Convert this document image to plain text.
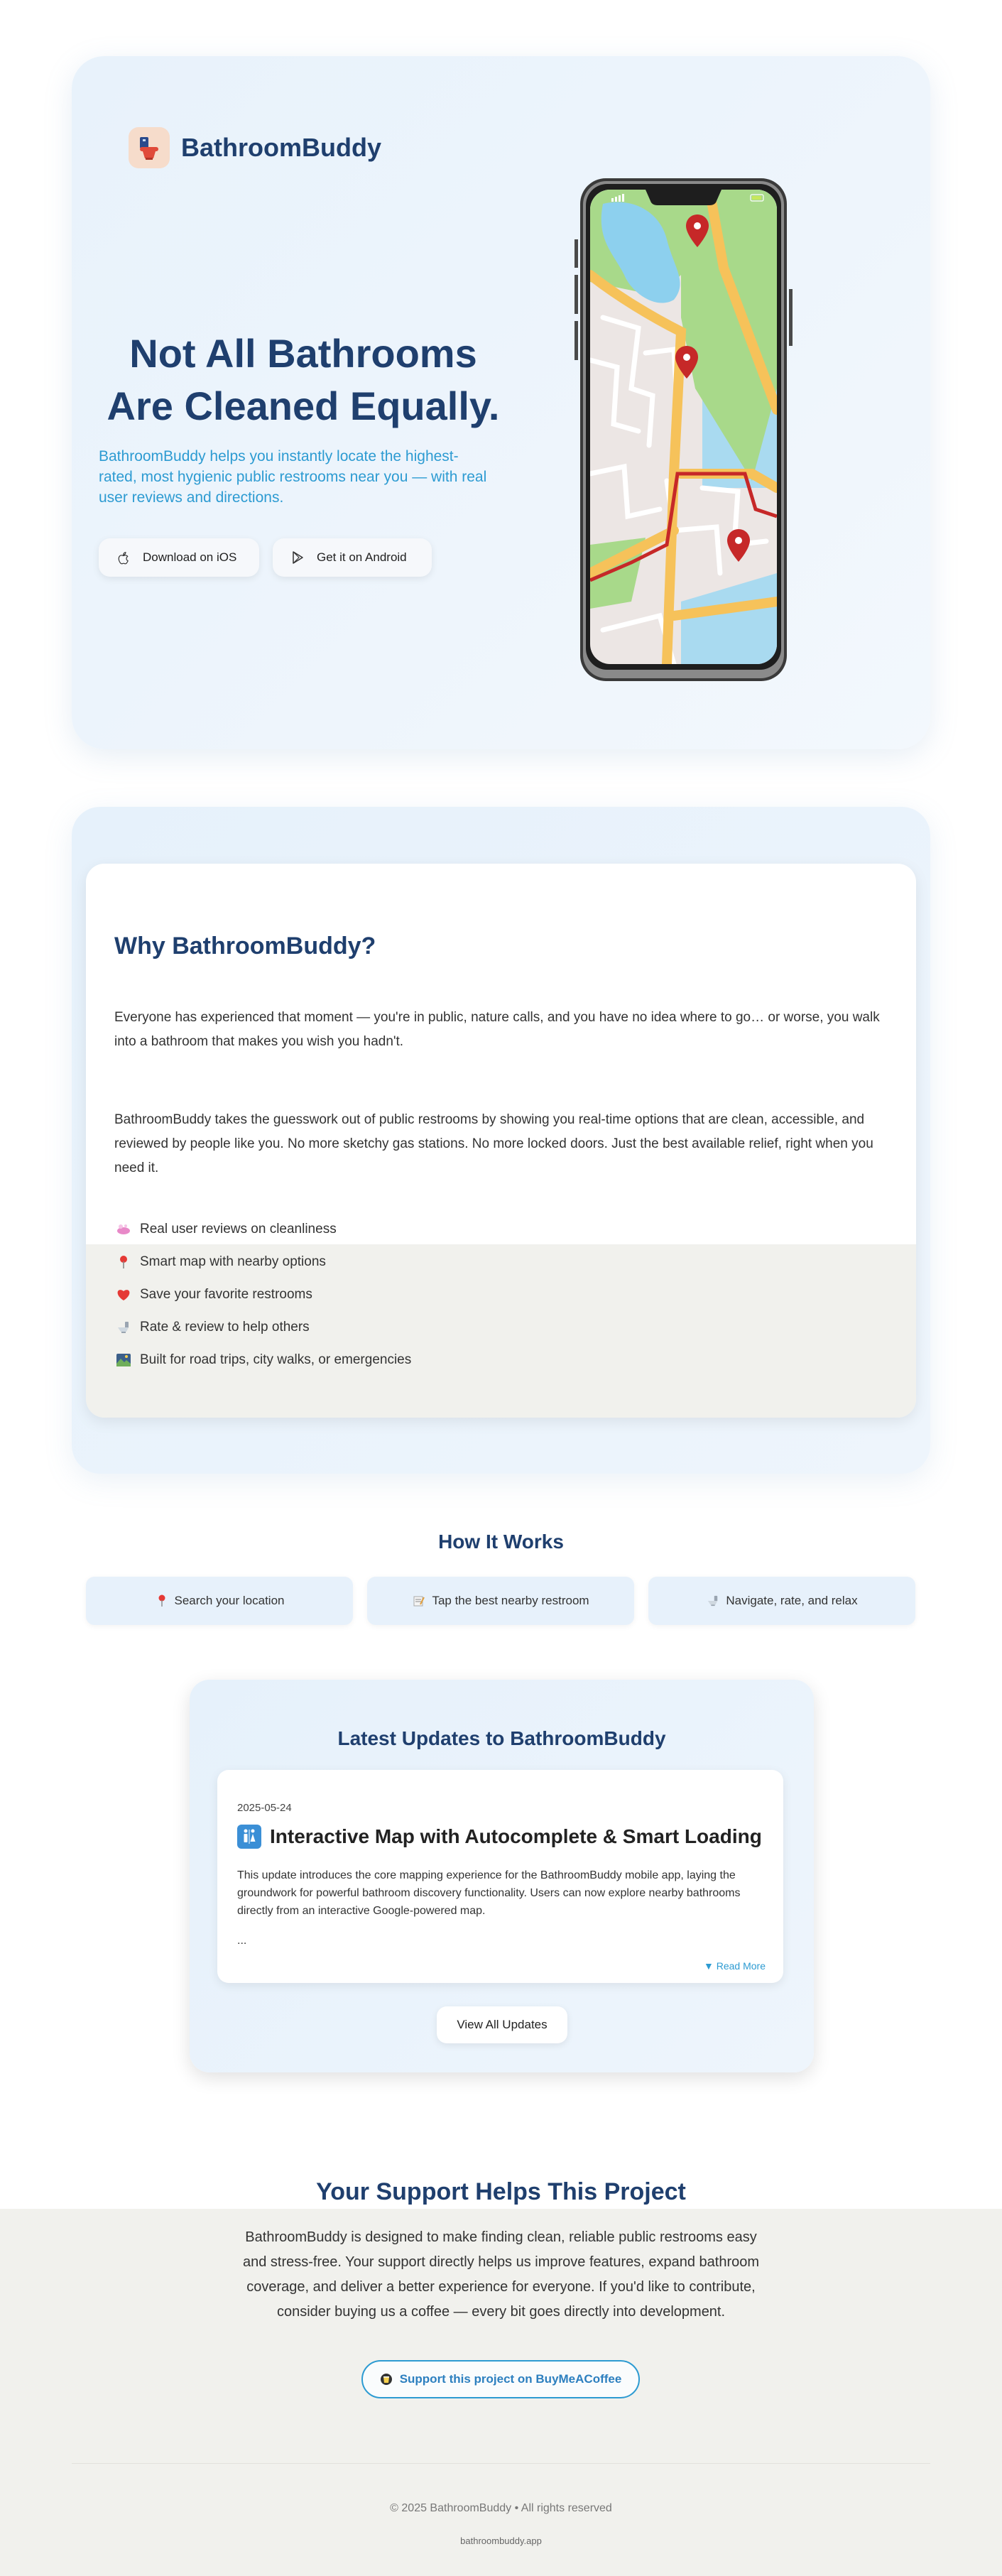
BathroomBuddy
Not All Bathrooms Are Cleaned Equally.

BathroomBuddy helps you instantly locate the highest-rated, most hygienic public restrooms near you — with real user reviews and directions.

Download on iOS	Get it on Android
Why BathroomBuddy?

Everyone has experienced that moment — you're in public, nature calls, and you have no idea where to go… or worse, you walk into a bathroom that makes you wish you hadn't.

BathroomBuddy takes the guesswork out of public restrooms by showing you real-time options that are clean, accessible, and reviewed by people like you. No more sketchy gas stations. No more locked doors. Just the best available relief, right when you need it.

Real user reviews on cleanliness
Smart map with nearby options
Save your favorite restrooms
Rate & review to help others
Built for road trips, city walks, or emergencies
How It Works
Search your location	Tap the best nearby restroom	Navigate, rate, and relax
Latest Updates to BathroomBuddy
2025-05-24
Interactive Map with Autocomplete & Smart Loading

This update introduces the core mapping experience for the BathroomBuddy mobile app, laying the groundwork for powerful bathroom discovery functionality. Users can now explore nearby bathrooms directly from an interactive Google-powered map.

...
▼ Read More
View All Updates
Your Support Helps This Project

BathroomBuddy is designed to make finding clean, reliable public restrooms easy and stress-free. Your support directly helps us improve features, expand bathroom coverage, and deliver a better experience for everyone. If you'd like to contribute, consider buying us a coffee — every bit goes directly into development.

Support this project on BuyMeACoffee
© 2025 BathroomBuddy • All rights reserved
bathroombuddy.app
